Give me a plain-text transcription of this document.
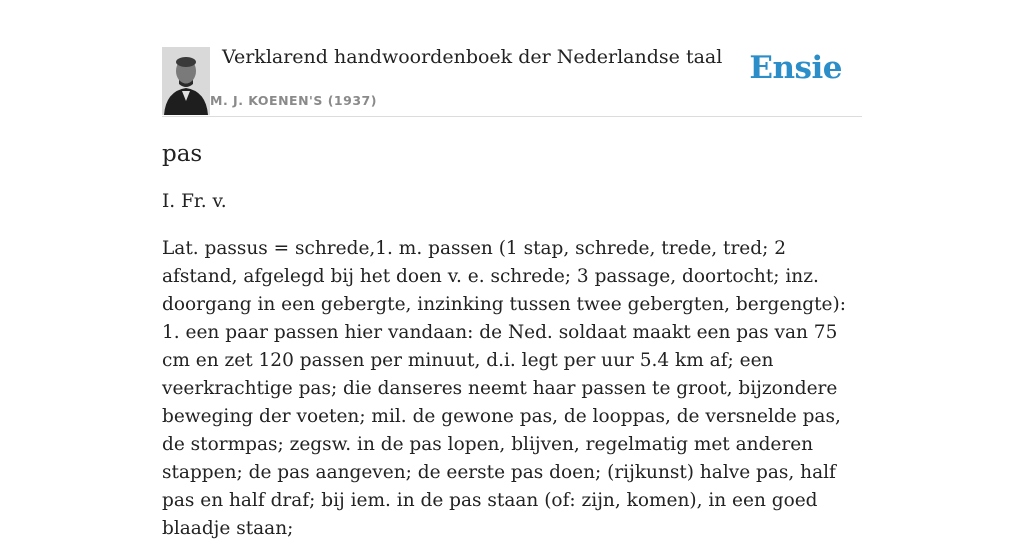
Verklarend handwoordenboek der Nederlandse taal
M. J. KOENEN'S (1937)
Ensie
pas

I. Fr. v.

Lat. passus = schrede,1. m. passen (1 stap, schrede, trede, tred; 2 afstand, afgelegd bij het doen v. e. schrede; 3 passage, doortocht; inz. doorgang in een gebergte, inzinking tussen twee gebergten, bergengte):

1. een paar passen hier vandaan: de Ned. soldaat maakt een pas van 75 cm en zet 120 passen per minuut, d.i. legt per uur 5.4 km af; een veerkrachtige pas; die danseres neemt haar passen te groot, bijzondere beweging der voeten; mil. de gewone pas, de looppas, de versnelde pas, de stormpas; zegsw. in de pas lopen, blijven, regelmatig met anderen stappen; de pas aangeven; de eerste pas doen; (rijkunst) halve pas, half pas en half draf; bij iem. in de pas staan (of: zijn, komen), in een goed blaadje staan;
